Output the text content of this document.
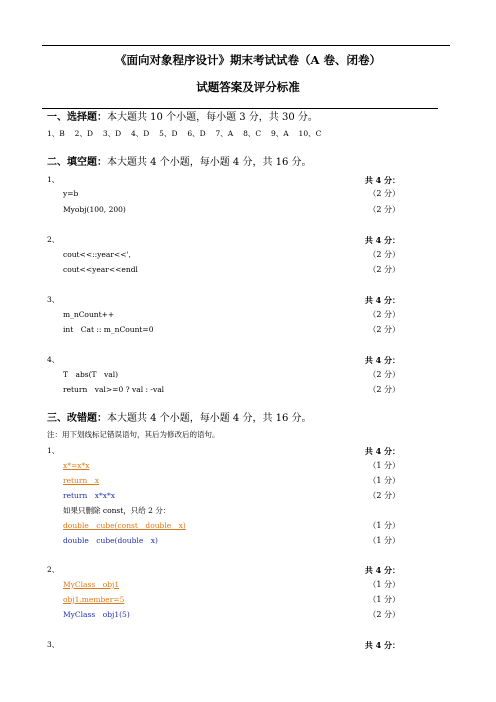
《面向对象程序设计》期末考试试卷（A 卷、闭卷）
试题答案及评分标准
一、选择题：本大题共 10 个小题，每小题 3 分，共 30 分。
1、B　 2、D　 3、D　 4、D　 5、D　 6、D　 7、A　 8、C　 9、A　 10、C
二、填空题：本大题共 4 个小题，每小题 4 分，共 16 分。
1、	共 4 分：
y=b	（2 分）
Myobj(100, 200)	（2 分）
2、	共 4 分：
cout<<::year<<',	（2 分）
cout<<year<<endl	（2 分）
3、	共 4 分：
m_nCount++	（2 分）
int　Cat :: m_nCount=0	（2 分）
4、	共 4 分：
T　abs(T　val)	（2 分）
return　val>=0 ? val : -val	（2 分）
三、改错题：本大题共 4 个小题，每小题 4 分，共 16 分。
注：用下划线标记错误语句，其后为修改后的语句。
1、	共 4 分：
x*=x*x	（1 分）
return　x	（1 分）
return　x*x*x	（2 分）
如果只删除 const，只给 2 分：
double　cube(const　double　x)	（1 分）
double　cube(double　x)	（1 分）
2、	共 4 分：
MyClass　obj1	（1 分）
obj1.member=5	（1 分）
MyClass　obj1(5)	（2 分）
3、	共 4 分：
